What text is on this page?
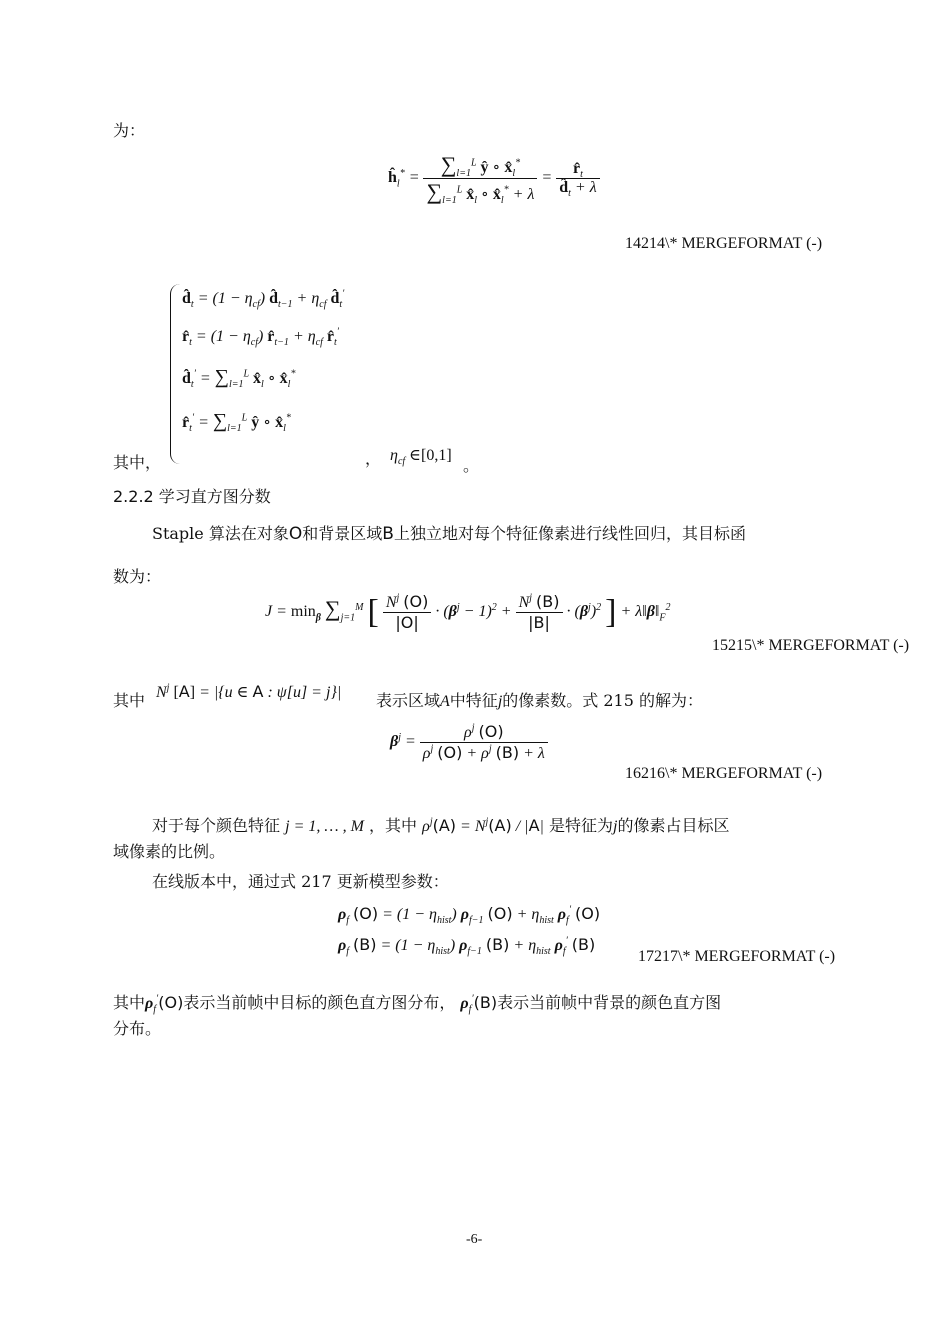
为：
$ĥ_l^* = \frac{\sum_{l=1}^L ŷ \circ x̂_l^*}{\sum_{l=1}^L x̂_l \circ x̂_l^* + \lambda} = \frac{r̂_t}{d̂_t + \lambda}$
14214\* MERGEFORMAT (-)
$d̂_t = (1 - \eta_{cf})$ $d̂_{t-1} + \eta_{cf}$ $d̂_t'$
$r̂_t = (1 - \eta_{cf})$ $r̂_{t-1} + \eta_{cf}$ $r̂_t'$
$d̂_t' = \sum_{l=1}^L$ $x̂_l$ ∘ $x̂_l^*$
$r̂_t' = \sum_{l=1}^L$ ŷ ∘ $x̂_l^*$
其中，	， $\eta_{cf}$ ∈[0,1]
。
2.2.2 学习直方图分数
Staple 算法在对象O和背景区域B上独立地对每个特征像素进行线性回归，其目标函
数为：
$J = \min_\beta \sum_{j=1}^M$ [ $\frac{N^j (O)}{|O|} \cdot (\beta^j - 1)^2 + \frac{N^j (B)}{|B|} \cdot (\beta^j)^2$ ] + $\lambda‖\beta‖_F^2$
15215\* MERGEFORMAT (-)
其中 $N^j$ [A] = |{u ∈ A : ψ[u] = j}| 表示区域A中特征j的像素数。式 215 的解为：
$\beta^j = \frac{\rho^j (O)}{\rho^j (O) + \rho^j (B) + \lambda}$
16216\* MERGEFORMAT (-)
对于每个颜色特征 j = 1, … , M ，其中 $\rho^j(A) = N^j(A) / |A|$ 是特征为j的像素占目标区
域像素的比例。
在线版本中，通过式 217 更新模型参数：
$\rho_f$ $(O) = (1 - \eta_{hist})$ $\rho_{f-1}$ $(O) + \eta_{hist}$ $\rho_f'$ (O)
$\rho_f$ $(B) = (1 - \eta_{hist})$ $\rho_{f-1}$ $(B) + \eta_{hist}$ $\rho_f'$ (B)
17217\* MERGEFORMAT (-)
其中$\rho_f'(O)$表示当前帧中目标的颜色直方图分布， $\rho_f'(B)$表示当前帧中背景的颜色直方图
分布。
-6-
